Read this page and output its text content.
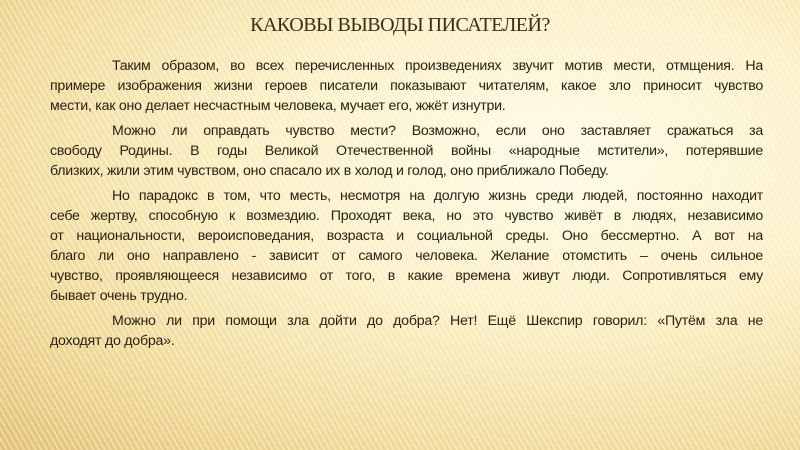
КАКОВЫ ВЫВОДЫ ПИСАТЕЛЕЙ?
Таким образом, во всех перечисленных произведениях звучит мотив мести, отмщения. На
примере изображения жизни героев писатели показывают читателям, какое зло приносит чувство
мести, как оно делает несчастным человека, мучает его, жжёт изнутри.
Можно ли оправдать чувство мести? Возможно, если оно заставляет сражаться за
свободу Родины. В годы Великой Отечественной войны «народные мстители», потерявшие
близких, жили этим чувством, оно спасало их в холод и голод, оно приближало Победу.
Но парадокс в том, что месть, несмотря на долгую жизнь среди людей, постоянно находит
себе жертву, способную к возмездию. Проходят века, но это чувство живёт в людях, независимо
от национальности, вероисповедания, возраста и социальной среды. Оно бессмертно. А вот на
благо ли оно направлено - зависит от самого человека. Желание отомстить – очень сильное
чувство, проявляющееся независимо от того, в какие времена живут люди. Сопротивляться ему
бывает очень трудно.
Можно ли при помощи зла дойти до добра? Нет! Ещё Шекспир говорил: «Путём зла не
доходят до добра».
